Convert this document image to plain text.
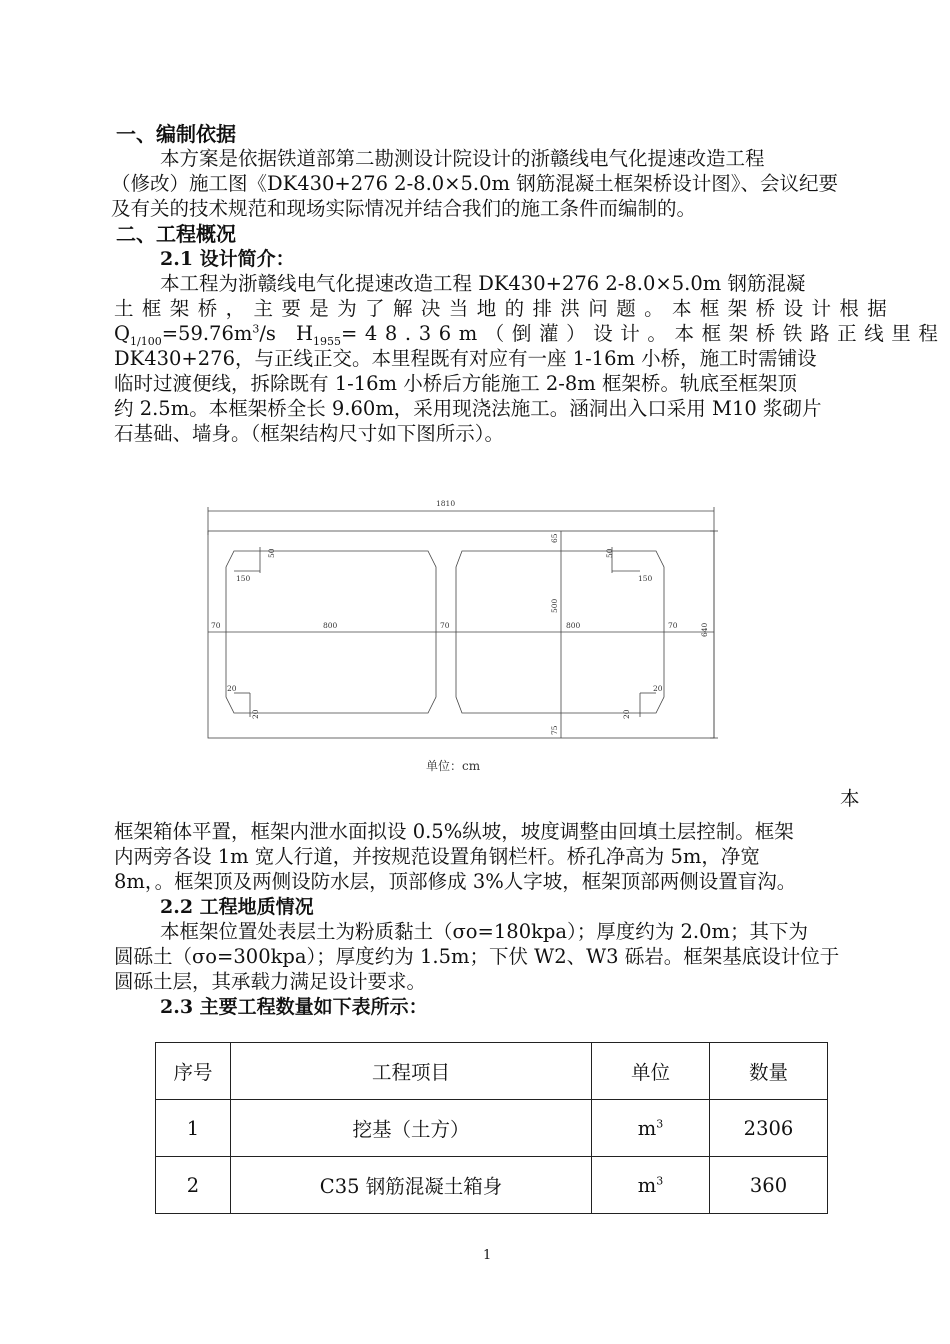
一、编制依据
本方案是依据铁道部第二勘测设计院设计的浙赣线电气化提速改造工程
（修改）施工图《DK430+276 2-8.0×5.0m 钢筋混凝土框架桥设计图》、会议纪要
及有关的技术规范和现场实际情况并结合我们的施工条件而编制的。
二、工程概况
2.1 设计简介：
本工程为浙赣线电气化提速改造工程 DK430+276 2-8.0×5.0m 钢筋混凝
土框架桥，主要是为了解决当地的排洪问题。本框架桥设计根据
$Q_{1/100}=59.76m^3/s$ $H_{1955}=48.36m$（倒灌）设计。本框架桥铁路正线里程
DK430+276，与正线正交。本里程既有对应有一座 1-16m 小桥，施工时需铺设
临时过渡便线，拆除既有 1-16m 小桥后方能施工 2-8m 框架桥。轨底至框架顶
约 2.5m。本框架桥全长 9.60m，采用现浇法施工。涵洞出入口采用 M10 浆砌片
石基础、墙身。（框架结构尺寸如下图所示）。
1810
640
65
500
75
70	800	70	800	70
150
50
150
50
20
20
20
20
单位：cm
本
框架箱体平置，框架内泄水面拟设 0.5%纵坡，坡度调整由回填土层控制。框架
内两旁各设 1m 宽人行道，并按规范设置角钢栏杆。桥孔净高为 5m，净宽
8m，。框架顶及两侧设防水层，顶部修成 3%人字坡，框架顶部两侧设置盲沟。
2.2 工程地质情况
本框架位置处表层土为粉质黏土（σo=180kpa）；厚度约为 2.0m；其下为
圆砾土（σo=300kpa）；厚度约为 1.5m；下伏 W2、W3 砾岩。框架基底设计位于
圆砾土层，其承载力满足设计要求。
2.3 主要工程数量如下表所示：
序号	工程项目	单位	数量
1	挖基（土方）	$m^3$	2306
2	C35 钢筋混凝土箱身	$m^3$	360
1
